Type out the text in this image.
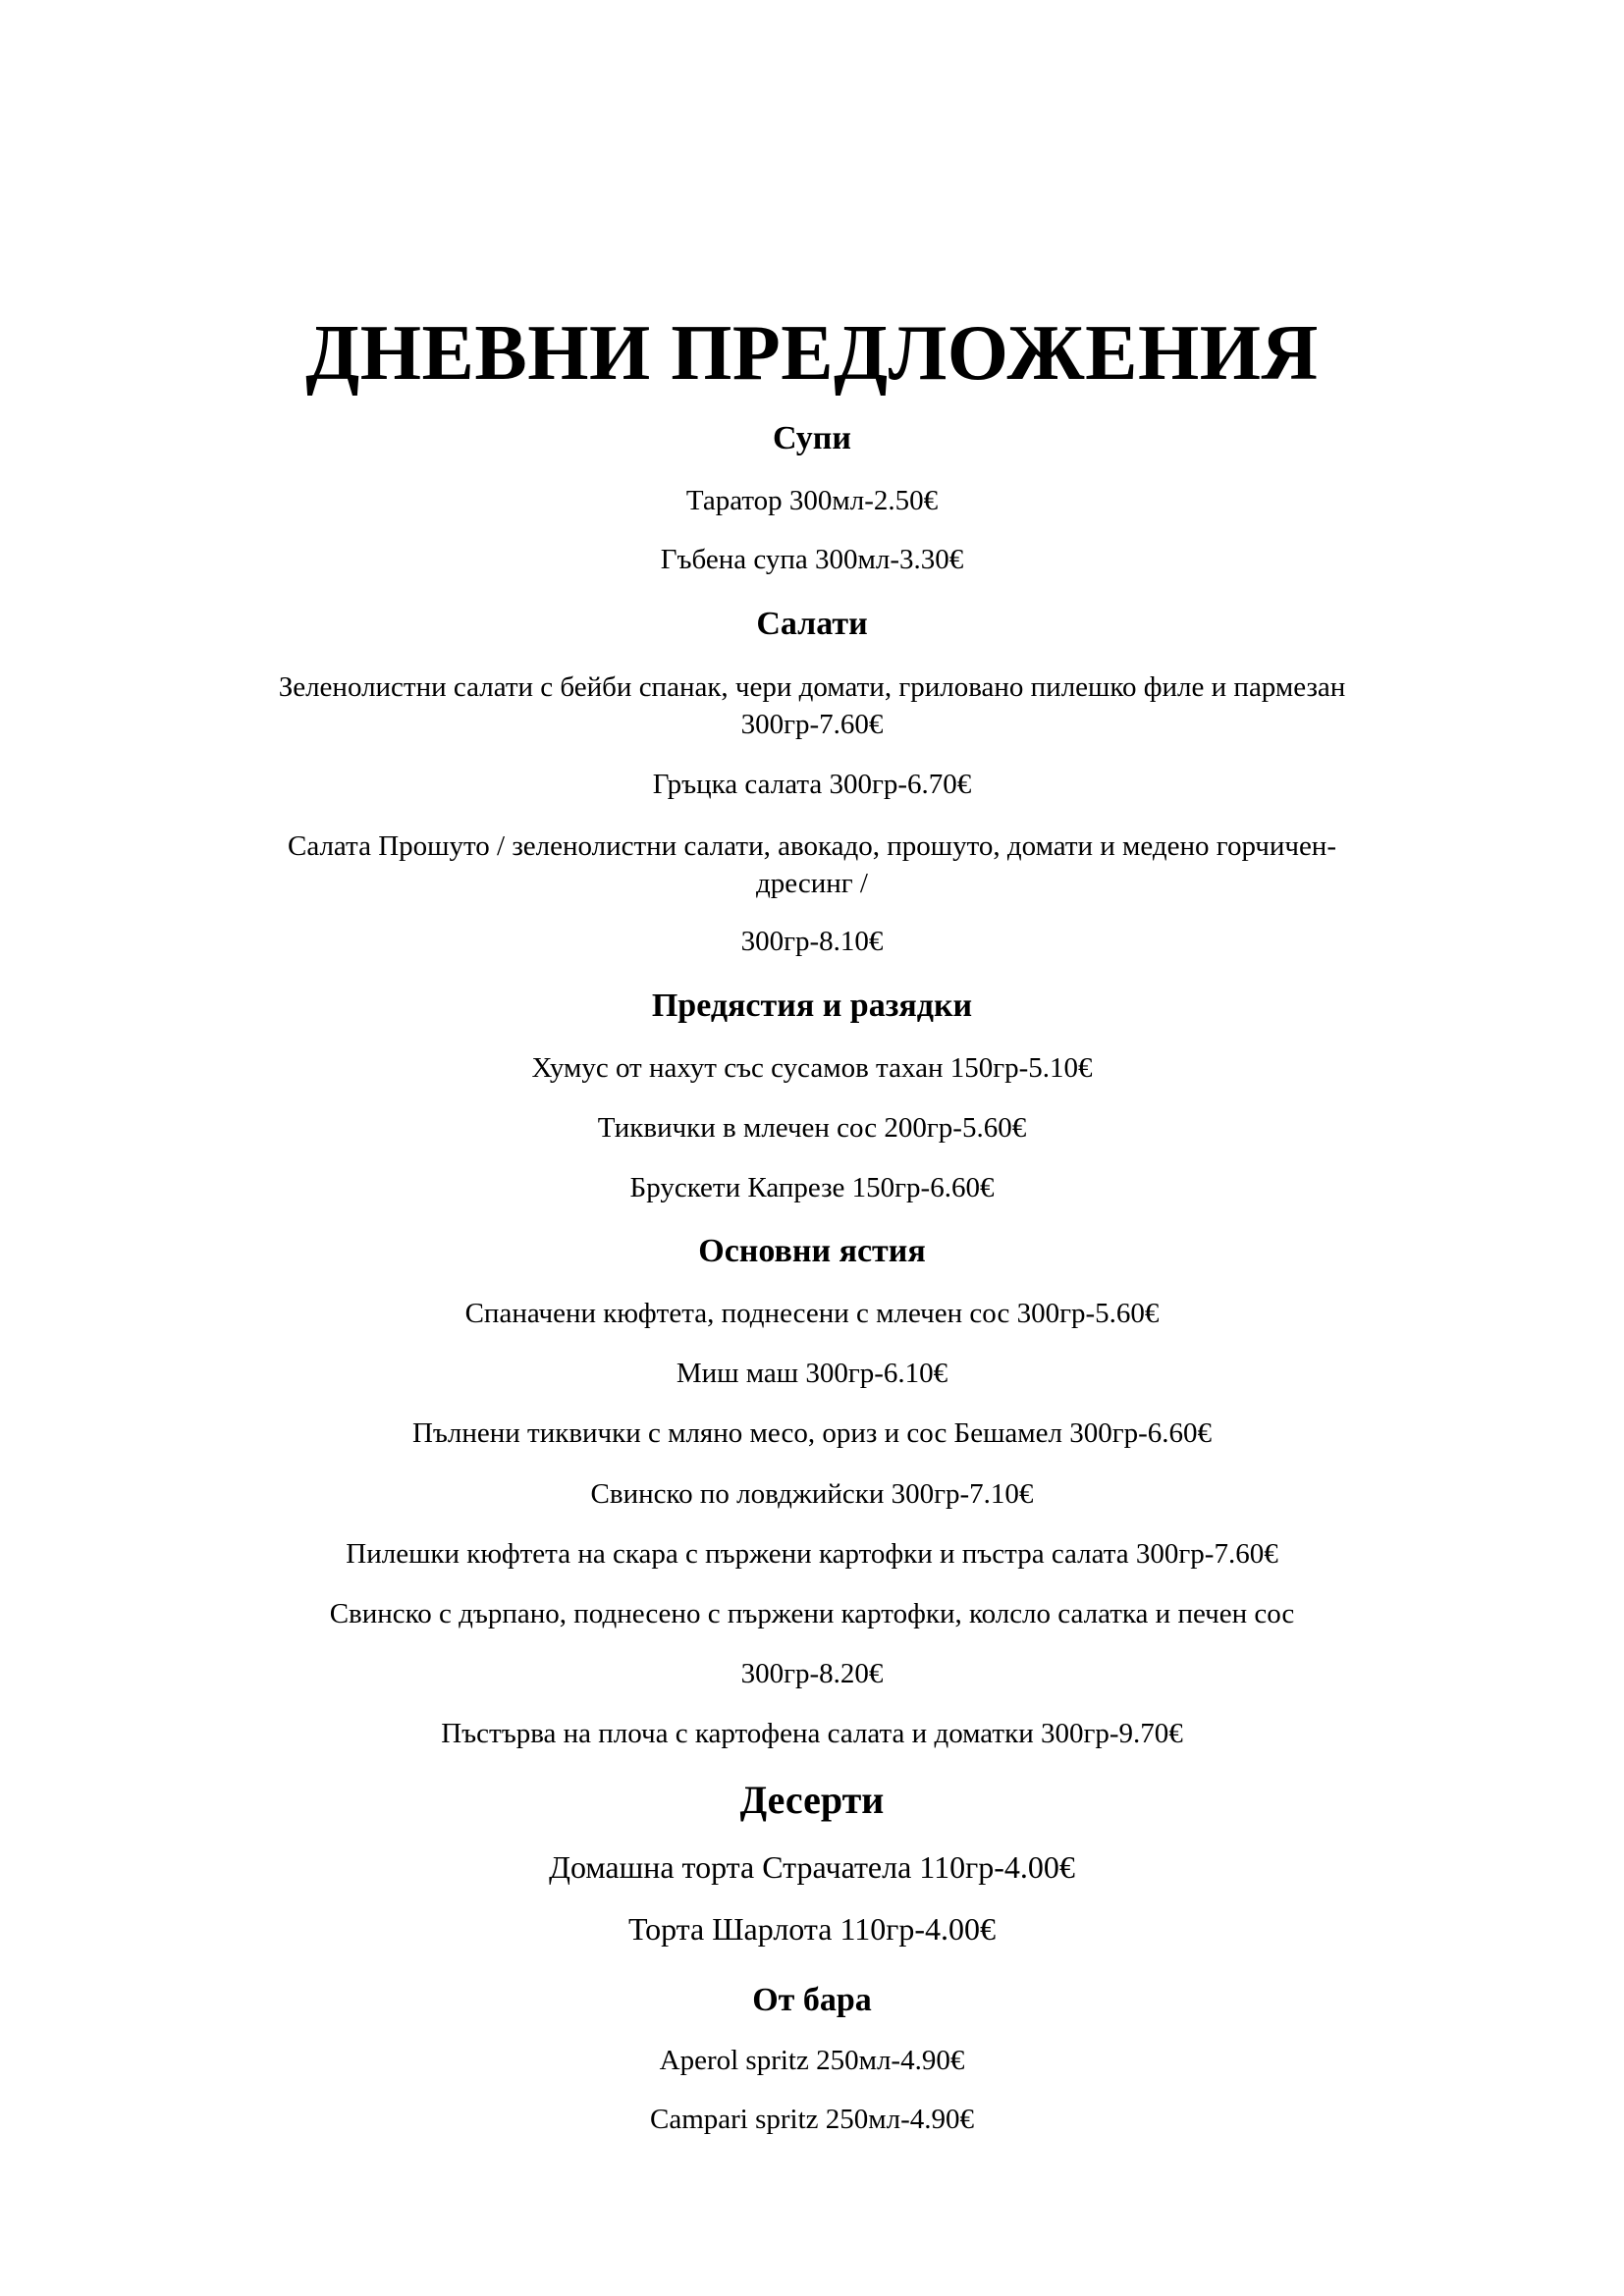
ДНЕВНИ ПРЕДЛОЖЕНИЯ
Супи
Таратор 300мл-2.50€
Гъбена супа 300мл-3.30€
Салати
Зеленолистни салати с бейби спанак, чери домати, гриловано пилешко филе и пармезан
300гр-7.60€
Гръцка салата 300гр-6.70€
Салата Прошуто / зеленолистни салати, авокадо, прошуто, домати и медено горчичен-
дресинг /
300гр-8.10€
Предястия и разядки
Хумус от нахут със сусамов тахан 150гр-5.10€
Тиквички в млечен сос 200гр-5.60€
Брускети Капрезе 150гр-6.60€
Основни ястия
Спаначени кюфтета, поднесени с млечен сос 300гр-5.60€
Миш маш 300гр-6.10€
Пълнени тиквички с мляно месо, ориз и сос Бешамел 300гр-6.60€
Свинско по ловджийски 300гр-7.10€
Пилешки кюфтета на скара с пържени картофки и пъстра салата 300гр-7.60€
Свинско с дърпано, поднесено с пържени картофки, колсло салатка и печен сос
300гр-8.20€
Пъстърва на плоча с картофена салата и доматки 300гр-9.70€
Десерти
Домашна торта Страчатела 110гр-4.00€
Торта Шарлота 110гр-4.00€
От бара
Aperol spritz 250мл-4.90€
Campari spritz 250мл-4.90€
